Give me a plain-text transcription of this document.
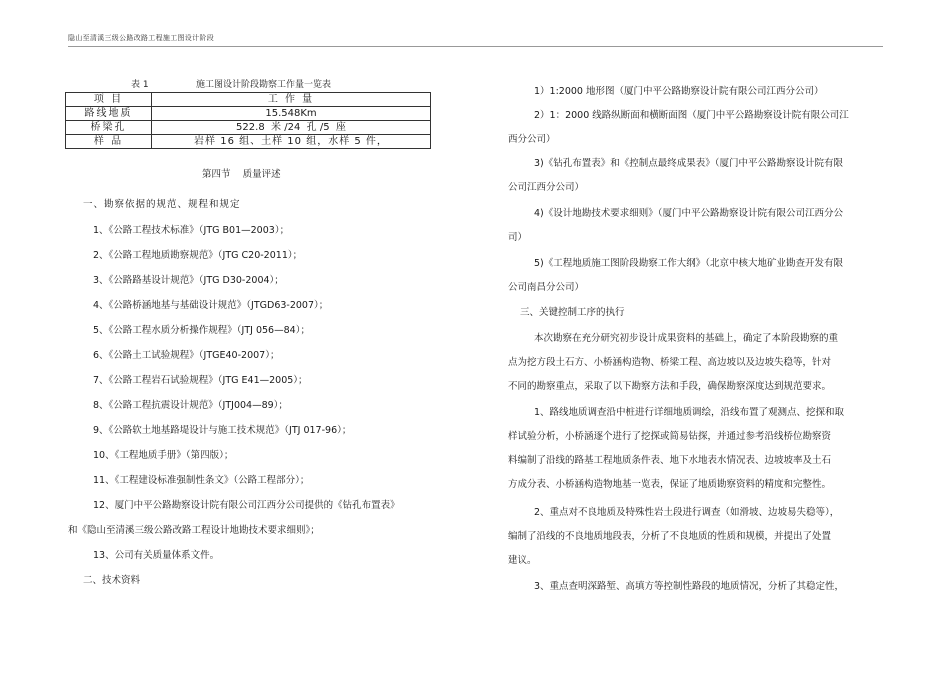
隐山至清溪三级公路改路工程施工图设计阶段
表 1	施工图设计阶段勘察工作量一览表
项 目	工 作 量
路线地质	15.548Km
桥梁孔	522.8  米 /24  孔 /5  座
样 品	岩样 16 组、土样 10 组，水样 5 件，
第四节    质量评述
一、勘察依据的规范、规程和规定
1、《公路工程技术标准》（JTG B01—2003）；
2、《公路工程地质勘察规范》（JTG C20-2011）；
3、《公路路基设计规范》（JTG D30-2004）；
4、《公路桥涵地基与基础设计规范》（JTGD63-2007）；
5、《公路工程水质分析操作规程》（JTJ 056—84）；
6、《公路土工试验规程》（JTGE40-2007）；
7、《公路工程岩石试验规程》（JTG E41—2005）；
8、《公路工程抗震设计规范》（JTJ004—89）；
9、《公路软土地基路堤设计与施工技术规范》（JTJ 017-96）；
10、《工程地质手册》（第四版）；
11、《工程建设标准强制性条文》（公路工程部分）；
12、厦门中平公路勘察设计院有限公司江西分公司提供的《钻孔布置表》
和《隐山至清溪三级公路改路工程设计地勘技术要求细则》；
13、公司有关质量体系文件。
二、技术资料
1）1:2000 地形图（厦门中平公路勘察设计院有限公司江西分公司）
2）1：2000 线路纵断面和横断面图（厦门中平公路勘察设计院有限公司江
西分公司）
3)《钻孔布置表》和《控制点最终成果表》（厦门中平公路勘察设计院有限
公司江西分公司）
4)《设计地勘技术要求细则》（厦门中平公路勘察设计院有限公司江西分公
司）
5)《工程地质施工图阶段勘察工作大纲》（北京中核大地矿业勘查开发有限
公司南昌分公司）
三、关键控制工序的执行
本次勘察在充分研究初步设计成果资料的基础上，确定了本阶段勘察的重
点为挖方段土石方、小桥涵构造物、桥梁工程、高边坡以及边坡失稳等，针对
不同的勘察重点，采取了以下勘察方法和手段，确保勘察深度达到规范要求。
1、路线地质调查沿中桩进行详细地质调绘，沿线布置了观测点、挖探和取
样试验分析，小桥涵逐个进行了挖探或简易钻探，并通过参考沿线桥位勘察资
料编制了沿线的路基工程地质条件表、地下水地表水情况表、边坡坡率及土石
方成分表、小桥涵构造物地基一览表，保证了地质勘察资料的精度和完整性。
2、重点对不良地质及特殊性岩土段进行调查（如滑坡、边坡易失稳等），
编制了沿线的不良地质地段表，分析了不良地质的性质和规模，并提出了处置
建议。
3、重点查明深路堑、高填方等控制性路段的地质情况，分析了其稳定性，
